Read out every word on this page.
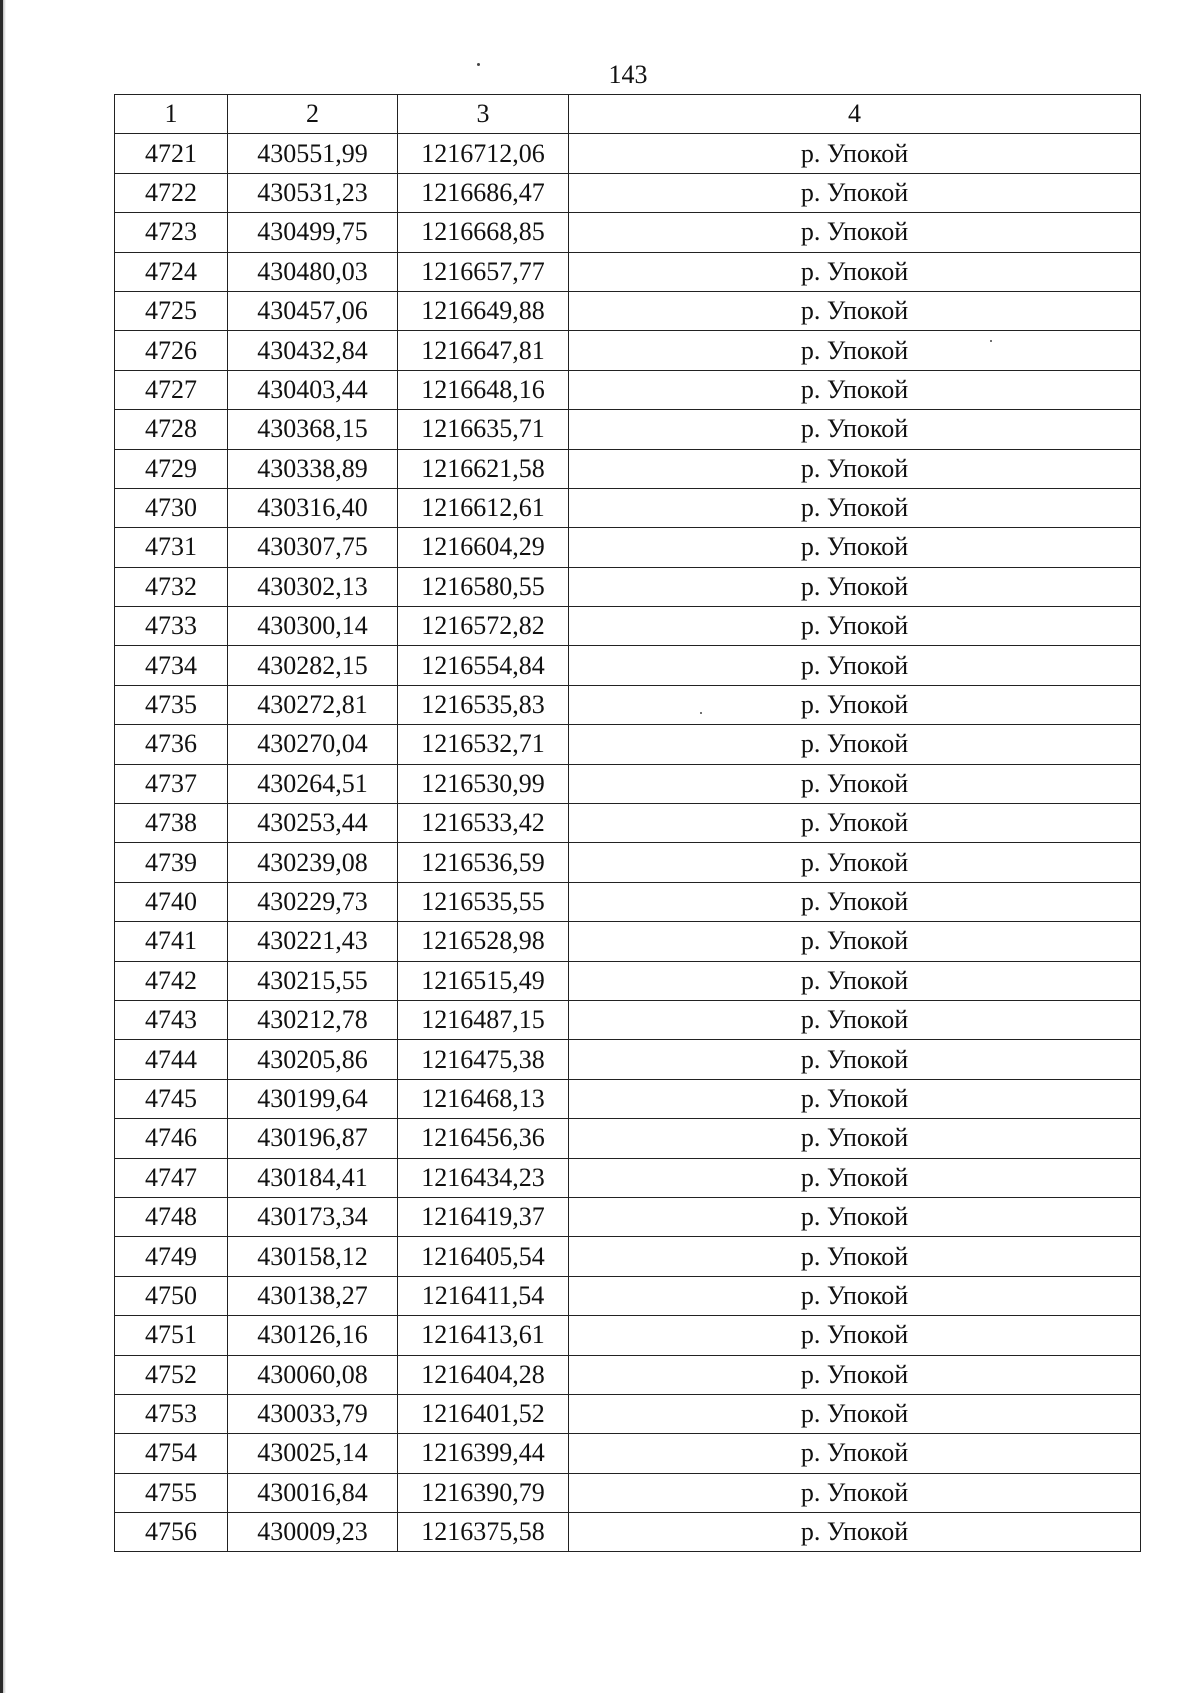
143
1	2	3	4
4721	430551,99	1216712,06	р. Упокой
4722	430531,23	1216686,47	р. Упокой
4723	430499,75	1216668,85	р. Упокой
4724	430480,03	1216657,77	р. Упокой
4725	430457,06	1216649,88	р. Упокой
4726	430432,84	1216647,81	р. Упокой
4727	430403,44	1216648,16	р. Упокой
4728	430368,15	1216635,71	р. Упокой
4729	430338,89	1216621,58	р. Упокой
4730	430316,40	1216612,61	р. Упокой
4731	430307,75	1216604,29	р. Упокой
4732	430302,13	1216580,55	р. Упокой
4733	430300,14	1216572,82	р. Упокой
4734	430282,15	1216554,84	р. Упокой
4735	430272,81	1216535,83	р. Упокой
4736	430270,04	1216532,71	р. Упокой
4737	430264,51	1216530,99	р. Упокой
4738	430253,44	1216533,42	р. Упокой
4739	430239,08	1216536,59	р. Упокой
4740	430229,73	1216535,55	р. Упокой
4741	430221,43	1216528,98	р. Упокой
4742	430215,55	1216515,49	р. Упокой
4743	430212,78	1216487,15	р. Упокой
4744	430205,86	1216475,38	р. Упокой
4745	430199,64	1216468,13	р. Упокой
4746	430196,87	1216456,36	р. Упокой
4747	430184,41	1216434,23	р. Упокой
4748	430173,34	1216419,37	р. Упокой
4749	430158,12	1216405,54	р. Упокой
4750	430138,27	1216411,54	р. Упокой
4751	430126,16	1216413,61	р. Упокой
4752	430060,08	1216404,28	р. Упокой
4753	430033,79	1216401,52	р. Упокой
4754	430025,14	1216399,44	р. Упокой
4755	430016,84	1216390,79	р. Упокой
4756	430009,23	1216375,58	р. Упокой
